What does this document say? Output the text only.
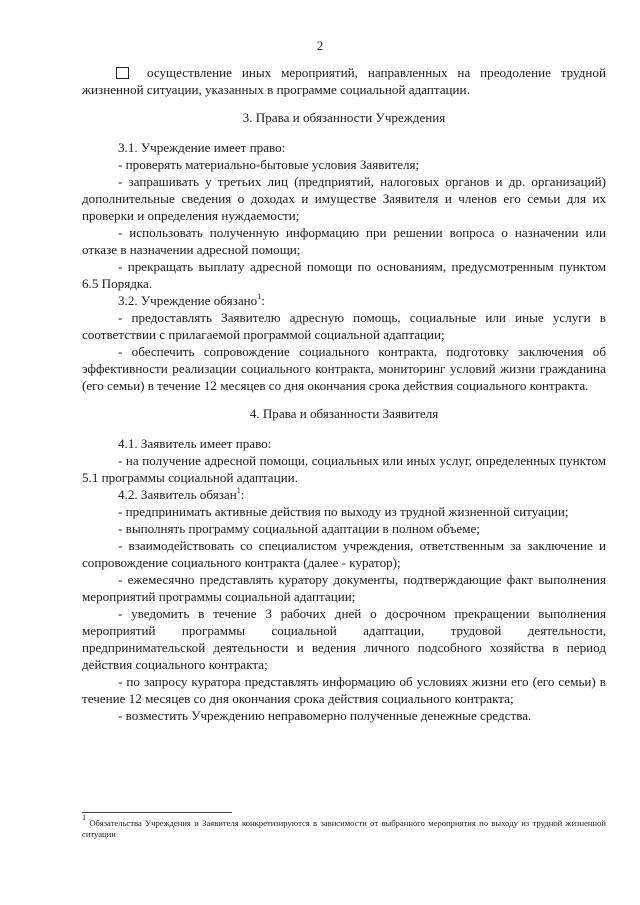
2

осуществление иных мероприятий, направленных на преодоление трудной жизненной ситуации, указанных в программе социальной адаптации.

3. Права и обязанности Учреждения

3.1. Учреждение имеет право:

- проверять материально-бытовые условия Заявителя;

- запрашивать у третьих лиц (предприятий, налоговых органов и др. организаций) дополнительные сведения о доходах и имуществе Заявителя и членов его семьи для их проверки и определения нуждаемости;

- использовать полученную информацию при решении вопроса о назначении или отказе в назначении адресной помощи;

- прекращать выплату адресной помощи по основаниям, предусмотренным пунктом 6.5 Порядка.

3.2. Учреждение обязано$^1$:

- предоставлять Заявителю адресную помощь, социальные или иные услуги в соответствии с прилагаемой программой социальной адаптации;

- обеспечить сопровождение социального контракта, подготовку заключения об эффективности реализации социального контракта, мониторинг условий жизни гражданина (его семьи) в течение 12 месяцев со дня окончания срока действия социального контракта.

4. Права и обязанности Заявителя

4.1. Заявитель имеет право:

- на получение адресной помощи, социальных или иных услуг, определенных пунктом 5.1 программы социальной адаптации.

4.2. Заявитель обязан$^1$:

- предпринимать активные действия по выходу из трудной жизненной ситуации;

- выполнять программу социальной адаптации в полном объеме;

- взаимодействовать со специалистом учреждения, ответственным за заключение и сопровождение социального контракта (далее - куратор);

- ежемесячно представлять куратору документы, подтверждающие факт выполнения мероприятий программы социальной адаптации;

- уведомить в течение 3 рабочих дней о досрочном прекращении выполнения мероприятий программы социальной адаптации, трудовой деятельности, предпринимательской деятельности и ведения личного подсобного хозяйства в период действия социального контракта;

- по запросу куратора представлять информацию об условиях жизни его (его семьи) в течение 12 месяцев со дня окончания срока действия социального контракта;

- возместить Учреждению неправомерно полученные денежные средства.

$^1$ Обязательства Учреждения и Заявителя конкретизируются в зависимости от выбранного мероприятия по выходу из трудной жизненной ситуации
